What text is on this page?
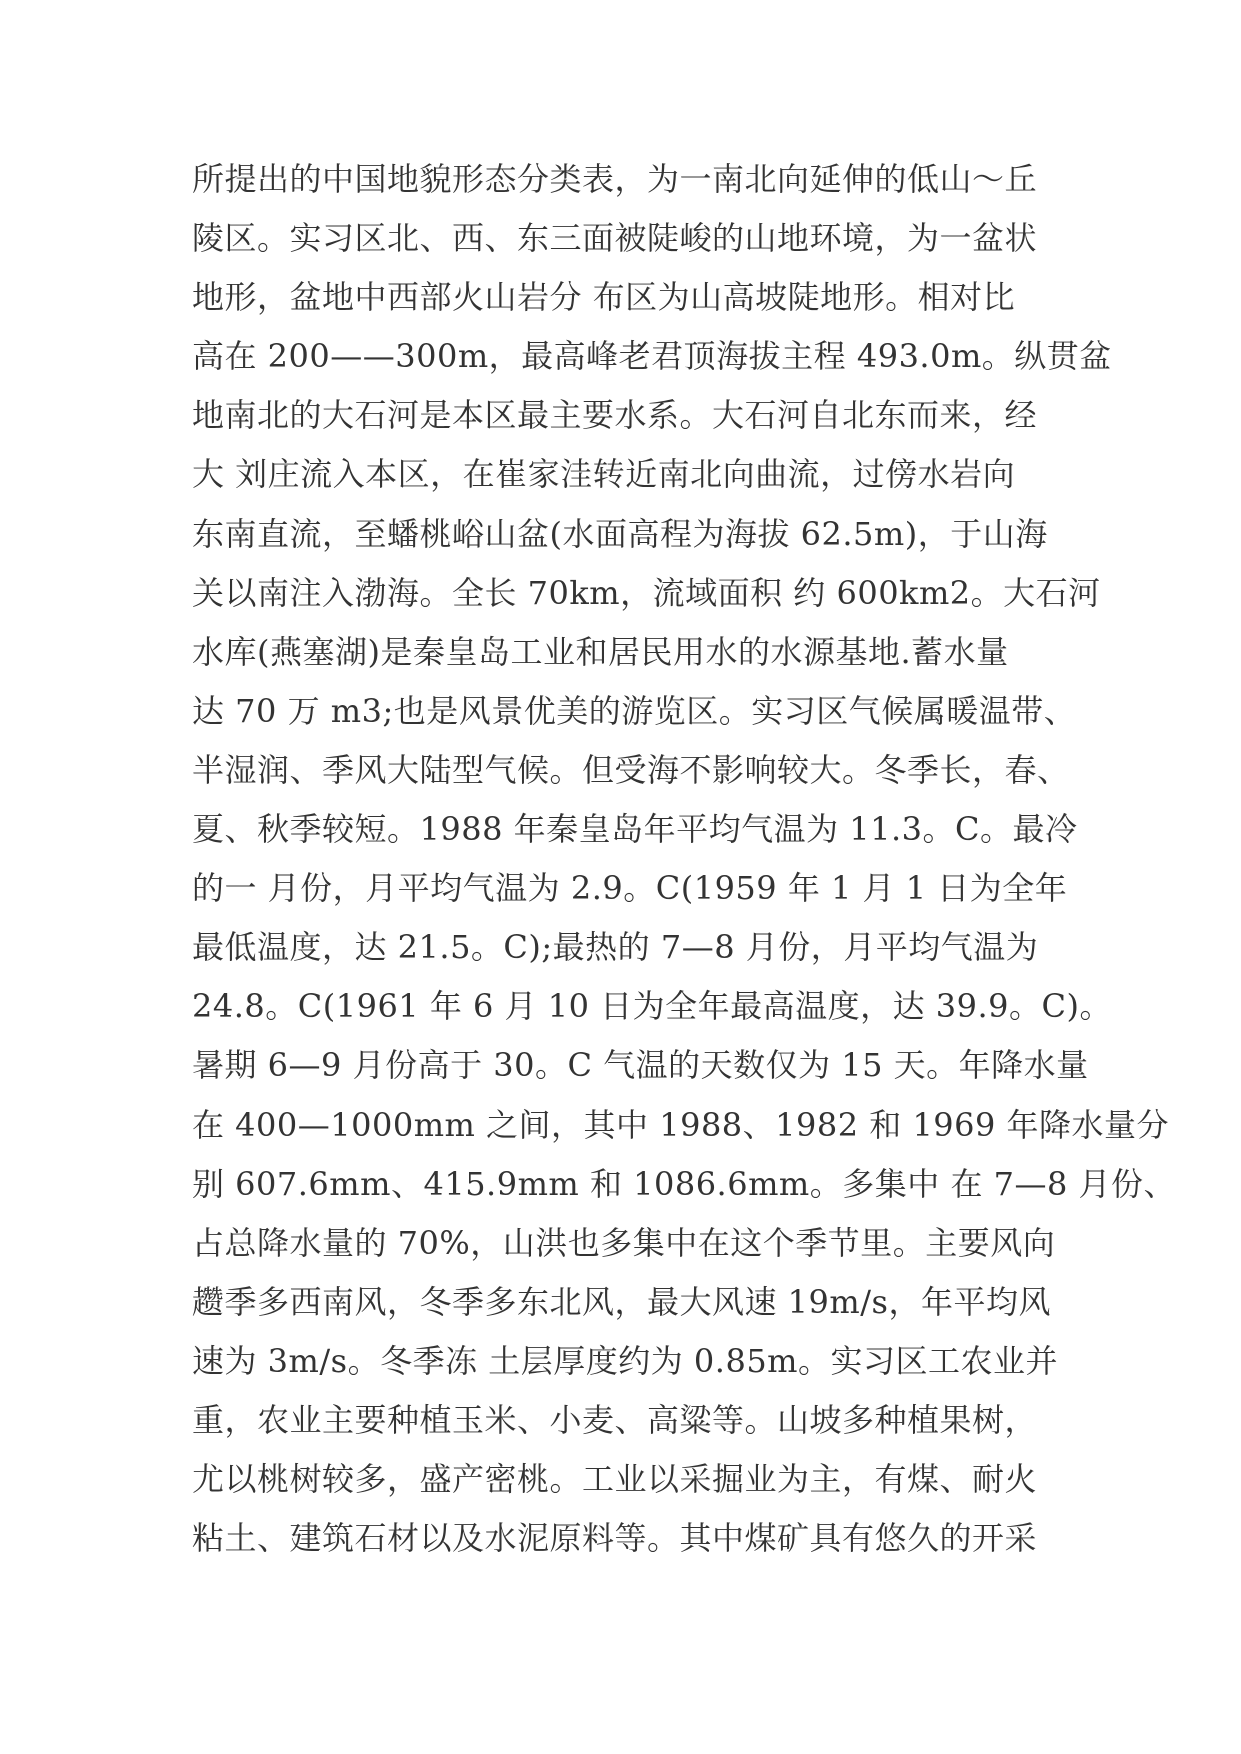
所提出的中国地貌形态分类表，为一南北向延伸的低山～丘
陵区。实习区北、西、东三面被陡峻的山地环境，为一盆状
地形，盆地中西部火山岩分 布区为山高坡陡地形。相对比
高在 200——300m，最高峰老君顶海拔主程 493.0m。纵贯盆
地南北的大石河是本区最主要水系。大石河自北东而来，经
大 刘庄流入本区，在崔家洼转近南北向曲流，过傍水岩向
东南直流，至蟠桃峪山盆(水面高程为海拔 62.5m)，于山海
关以南注入渤海。全长 70km，流域面积 约 600km2。大石河
水库(燕塞湖)是秦皇岛工业和居民用水的水源基地.蓄水量
达 70 万 m3;也是风景优美的游览区。实习区气候属暖温带、
半湿润、季风大陆型气候。但受海不影响较大。冬季长，春、
夏、秋季较短。1988 年秦皇岛年平均气温为 11.3。C。最冷
的一 月份，月平均气温为 2.9。C(1959 年 1 月 1 日为全年
最低温度，达 21.5。C);最热的 7—8 月份，月平均气温为
24.8。C(1961 年 6 月 10 日为全年最高温度，达 39.9。C)。
暑期 6—9 月份高于 30。C 气温的天数仅为 15 天。年降水量
在 400—1000mm 之间，其中 1988、1982 和 1969 年降水量分
别 607.6mm、415.9mm 和 1086.6mm。多集中 在 7—8 月份、
占总降水量的 70%，山洪也多集中在这个季节里。主要风向
趱季多西南风，冬季多东北风，最大风速 19m/s，年平均风
速为 3m/s。冬季冻 土层厚度约为 0.85m。实习区工农业并
重，农业主要种植玉米、小麦、高粱等。山坡多种植果树，
尤以桃树较多，盛产密桃。工业以采掘业为主，有煤、耐火
粘土、建筑石材以及水泥原料等。其中煤矿具有悠久的开采
